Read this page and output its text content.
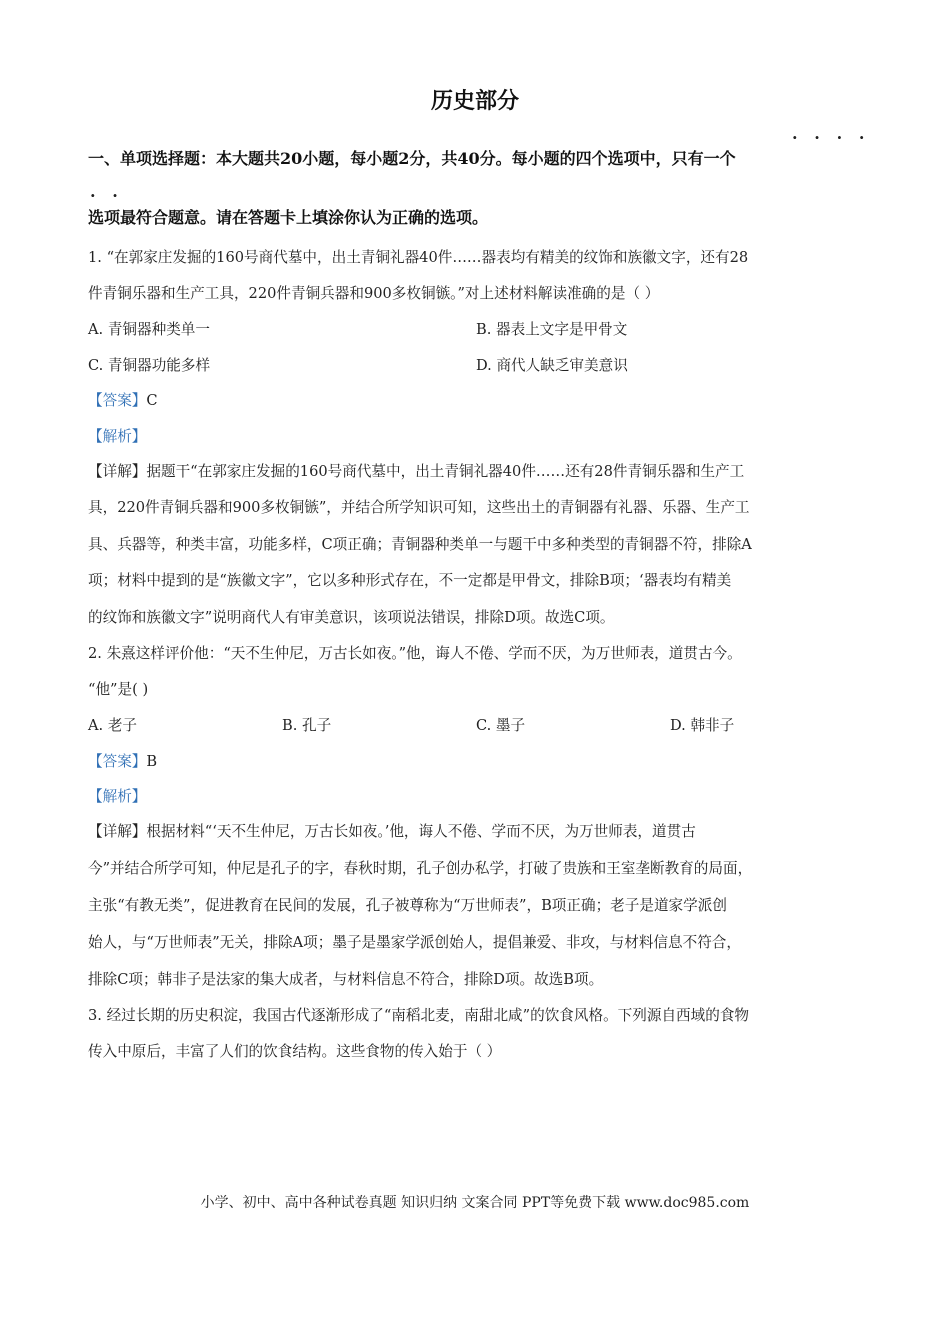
历史部分
一、单项选择题：本大题共20小题，每小题2分，共40分。每小题的四个选项中，只有一个
·   ·   ·   ·
·   ·
选项最符合题意。请在答题卡上填涂你认为正确的选项。
1. “在郭家庄发掘的160号商代墓中，出土青铜礼器40件……器表均有精美的纹饰和族徽文字，还有28
件青铜乐器和生产工具，220件青铜兵器和900多枚铜镞。”对上述材料解读准确的是（ ）
A. 青铜器种类单一	B. 器表上文字是甲骨文
C. 青铜器功能多样	D. 商代人缺乏审美意识
【答案】C
【解析】
【详解】据题干“在郭家庄发掘的160号商代墓中，出土青铜礼器40件……还有28件青铜乐器和生产工
具，220件青铜兵器和900多枚铜镞”，并结合所学知识可知，这些出土的青铜器有礼器、乐器、生产工
具、兵器等，种类丰富，功能多样，C项正确；青铜器种类单一与题干中多种类型的青铜器不符，排除A
项；材料中提到的是“族徽文字”，它以多种形式存在，不一定都是甲骨文，排除B项；‘器表均有精美
的纹饰和族徽文字”说明商代人有审美意识，该项说法错误，排除D项。故选C项。
2. 朱熹这样评价他：“天不生仲尼，万古长如夜。”他，诲人不倦、学而不厌，为万世师表，道贯古今。
“他”是( )
A. 老子	B. 孔子	C. 墨子	D. 韩非子
【答案】B
【解析】
【详解】根据材料“‘天不生仲尼，万古长如夜。’他，诲人不倦、学而不厌，为万世师表，道贯古
今”并结合所学可知，仲尼是孔子的字，春秋时期，孔子创办私学，打破了贵族和王室垄断教育的局面，
主张“有教无类”，促进教育在民间的发展，孔子被尊称为“万世师表”，B项正确；老子是道家学派创
始人，与“万世师表”无关，排除A项；墨子是墨家学派创始人，提倡兼爱、非攻，与材料信息不符合，
排除C项；韩非子是法家的集大成者，与材料信息不符合，排除D项。故选B项。
3. 经过长期的历史积淀，我国古代逐渐形成了“南稻北麦，南甜北咸”的饮食风格。下列源自西域的食物
传入中原后，丰富了人们的饮食结构。这些食物的传入始于（ ）
小学、初中、高中各种试卷真题 知识归纳 文案合同 PPT等免费下载 www.doc985.com
